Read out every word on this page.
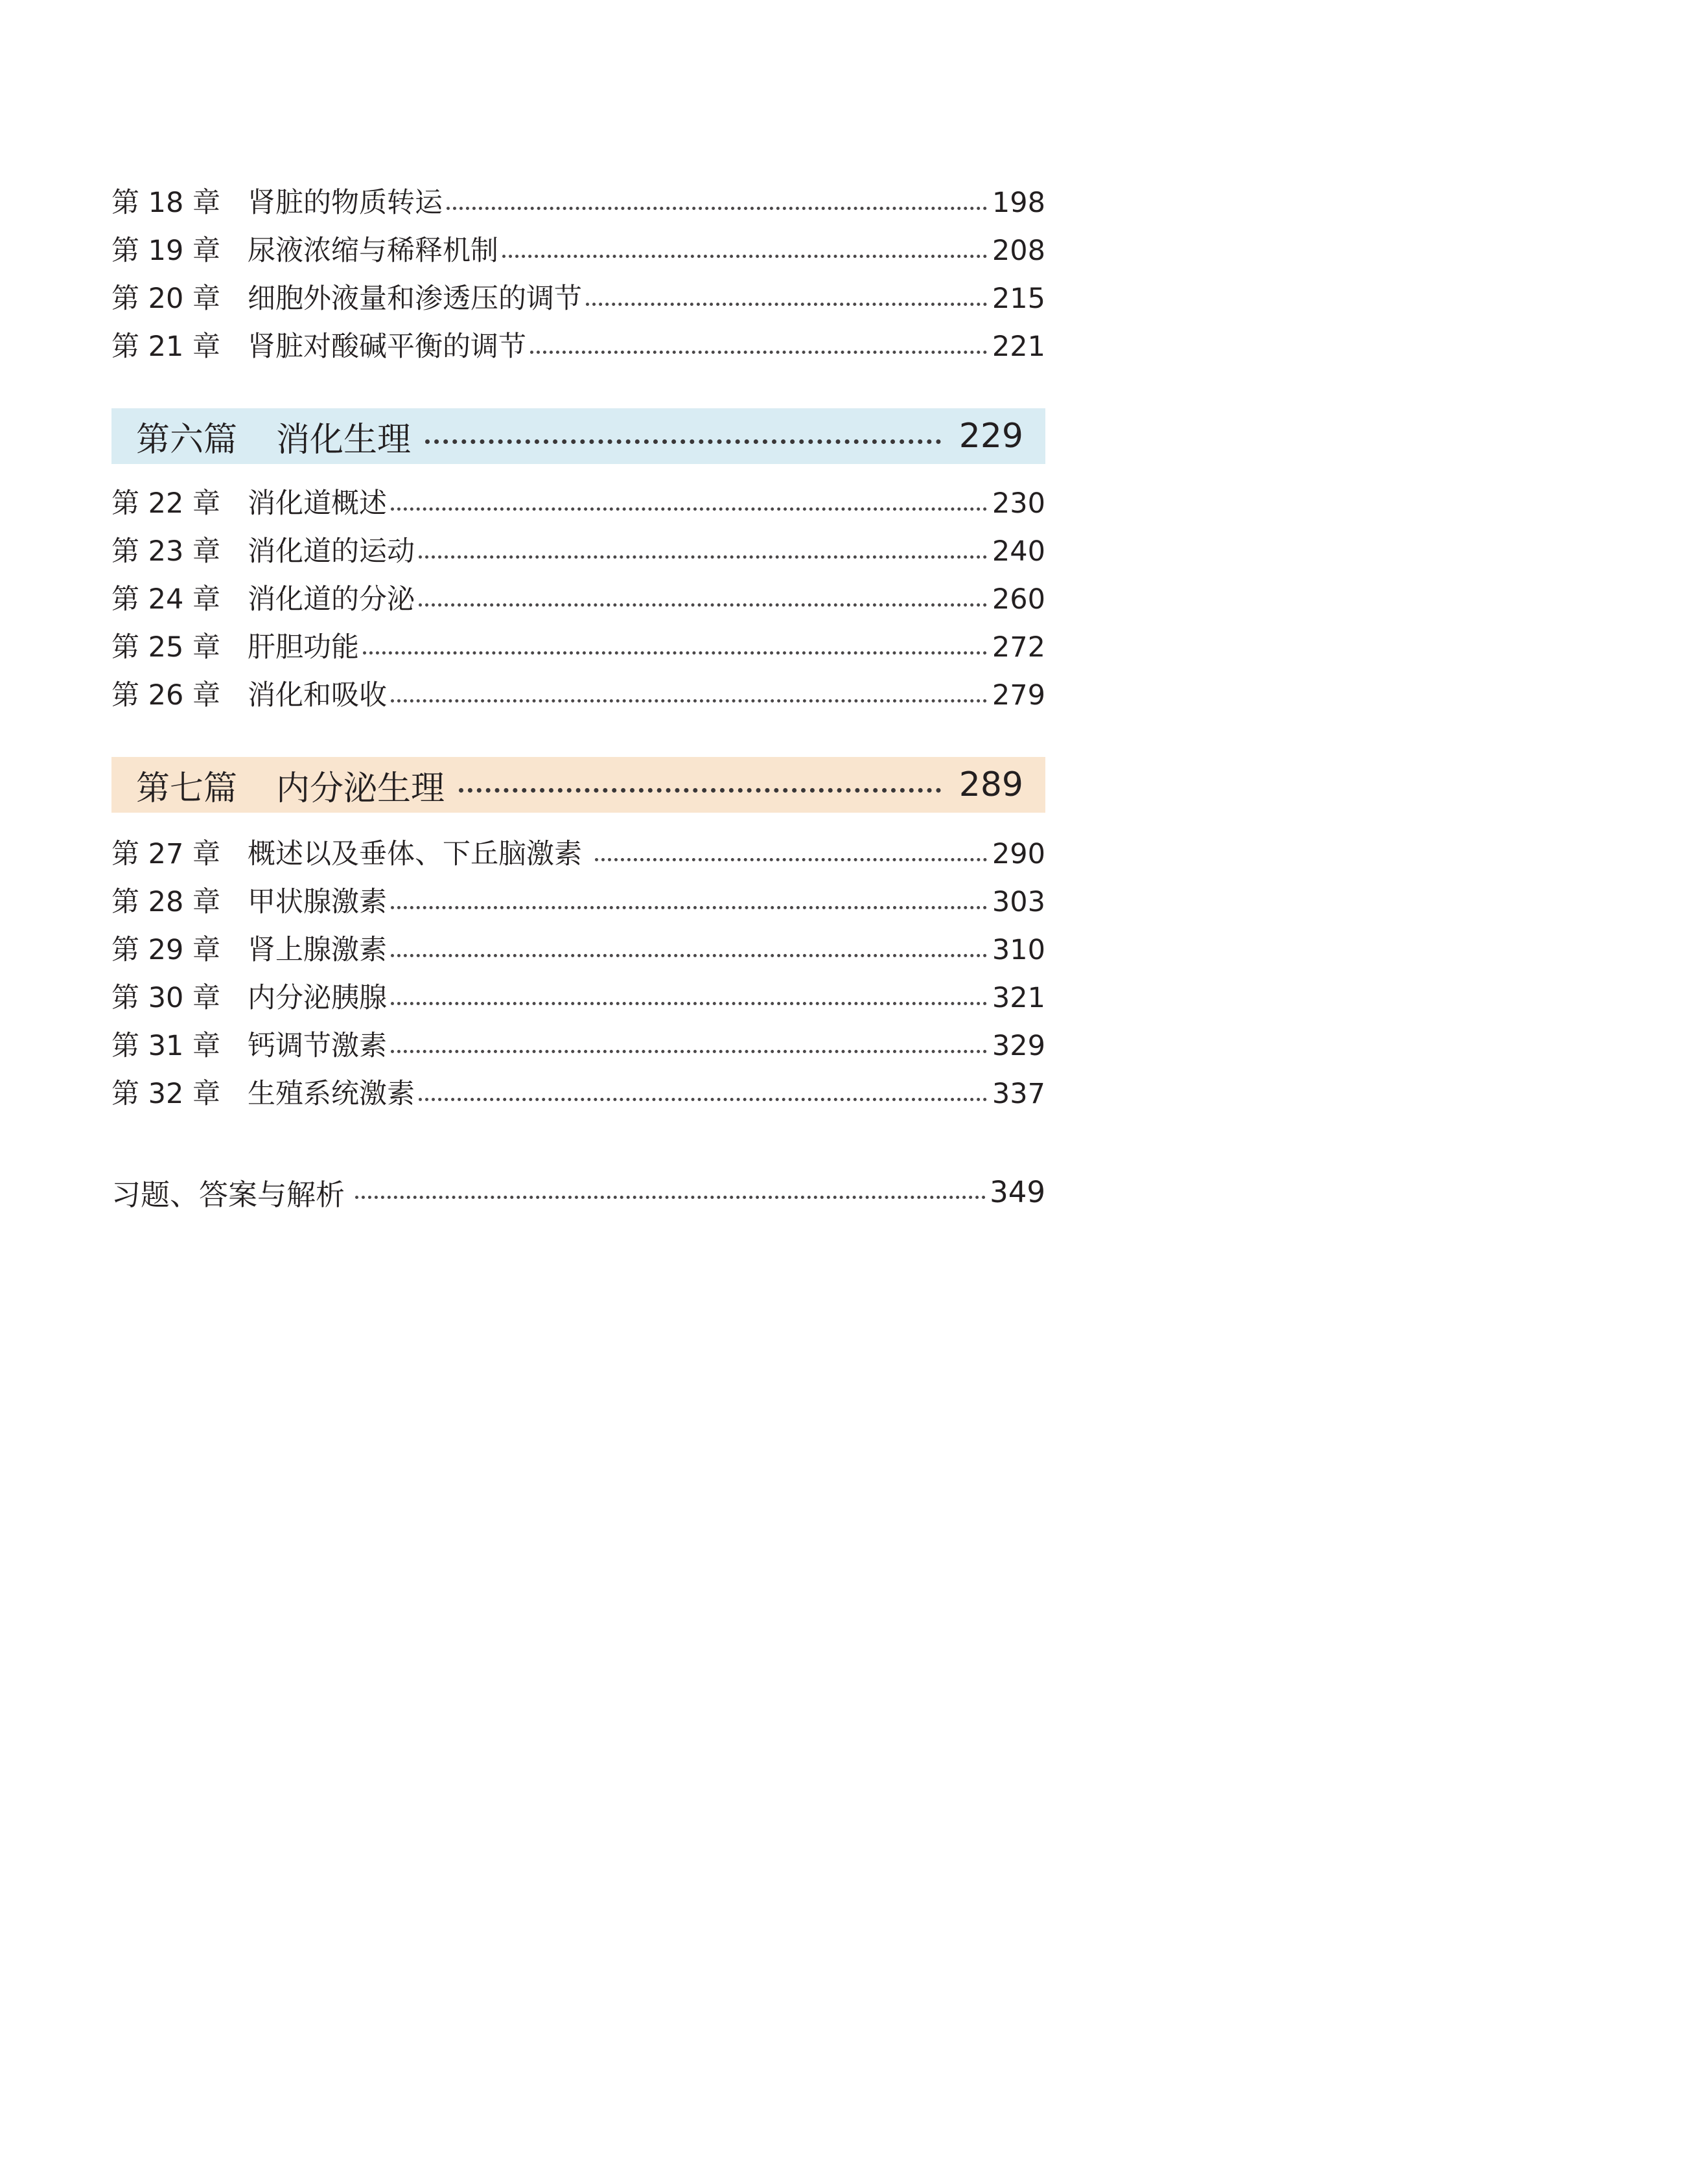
第 18 章 肾脏的物质转运	198
第 19 章 尿液浓缩与稀释机制	208
第 20 章 细胞外液量和渗透压的调节	215
第 21 章 肾脏对酸碱平衡的调节	221
第六篇	消化生理	229
第 22 章 消化道概述	230
第 23 章 消化道的运动	240
第 24 章 消化道的分泌	260
第 25 章 肝胆功能	272
第 26 章 消化和吸收	279
第七篇	内分泌生理	289
第 27 章 概述以及垂体、下丘脑激素	290
第 28 章 甲状腺激素	303
第 29 章 肾上腺激素	310
第 30 章 内分泌胰腺	321
第 31 章 钙调节激素	329
第 32 章 生殖系统激素	337
习题、答案与解析	349
